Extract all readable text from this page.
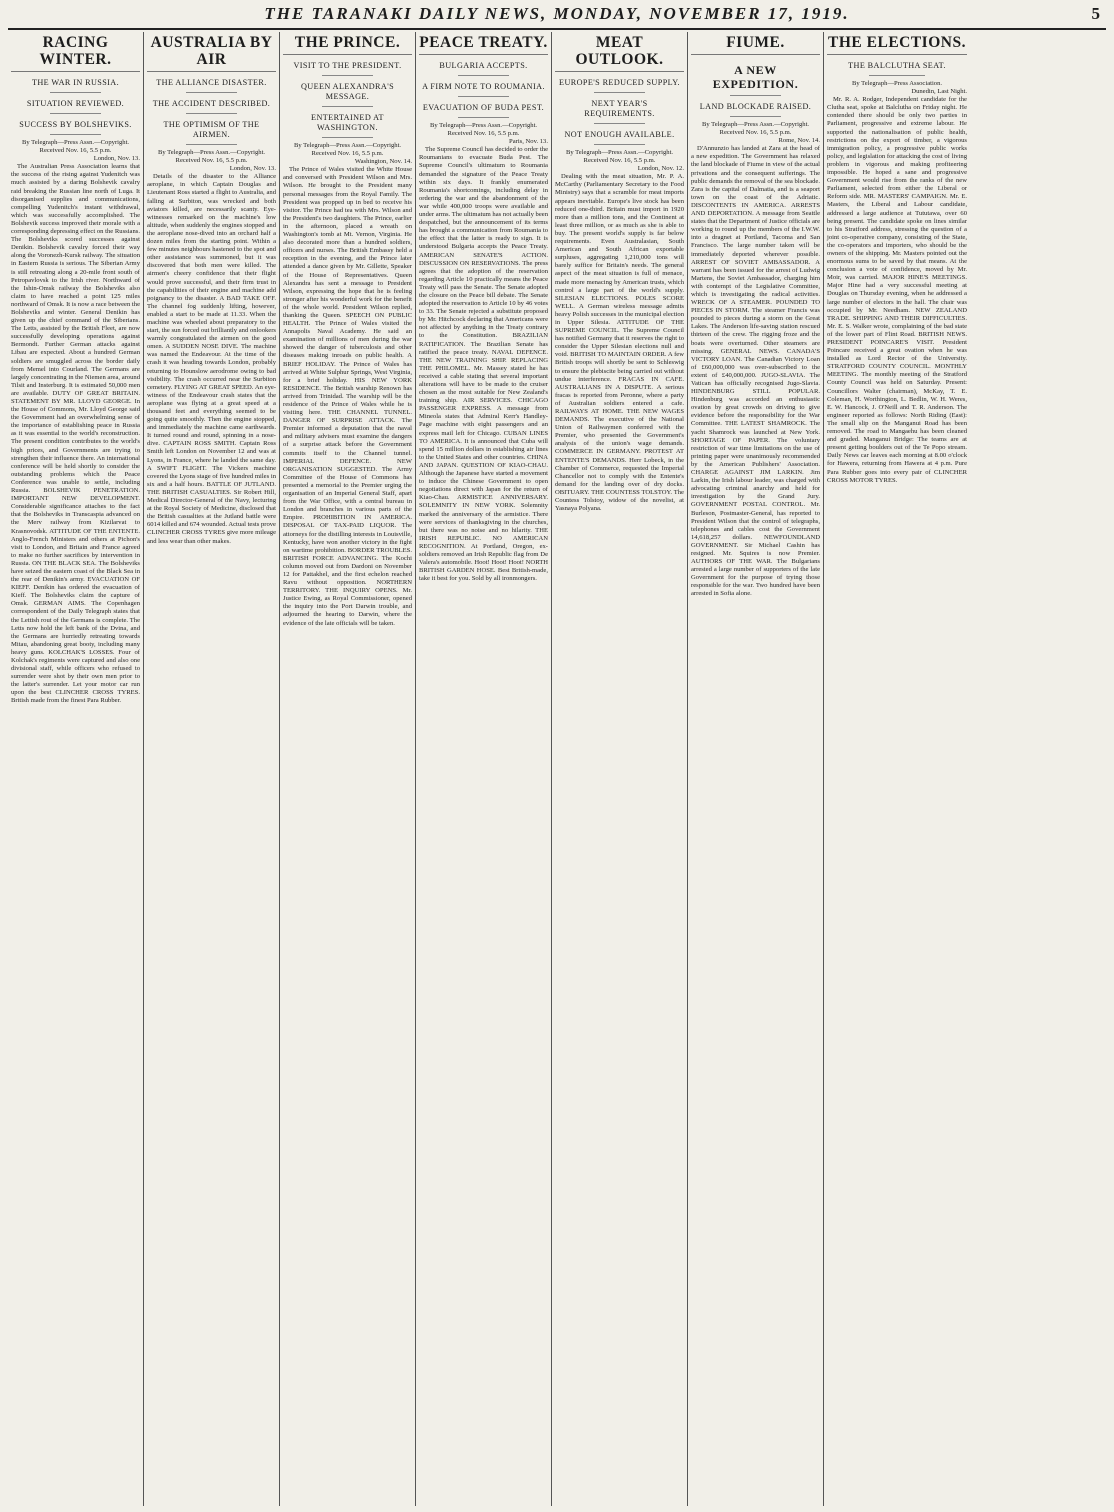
THE TARANAKI DAILY NEWS, MONDAY, NOVEMBER 17, 1919.	5
RACING WINTER.
THE WAR IN RUSSIA.
SITUATION REVIEWED.
SUCCESS BY BOLSHEVIKS.
By Telegraph—Press Assn.—Copyright.
Received Nov. 16, 5.5 p.m.
London, Nov. 13.

The Australian Press Association learns that the success of the rising against Yudenitch was much assisted by a daring Bolshevik cavalry raid breaking the Russian line north of Luga. It disorganised supplies and communications, compelling Yudenitch's instant withdrawal, which was successfully accomplished. The Bolshevik success improved their morale with a corresponding depressing effect on the Russians. The Bolsheviks scored successes against Denikin. Bolshevik cavalry forced their way along the Voronezh-Kursk railway. The situation in Eastern Russia is serious. The Siberian Army is still retreating along a 20-mile front south of Petropavlovsk to the Irish river. Northward of the Ishin-Omsk railway the Bolsheviks also claim to have reached a point 125 miles northward of Omsk. It is now a race between the Bolsheviks and winter. General Denikin has given up the chief command of the Siberians. The Letts, assisted by the British Fleet, are now successfully developing operations against Bermondt. Further German attacks against Libau are expected. About a hundred German soldiers are smuggled across the border daily from Memel into Courland. The Germans are largely concentrating in the Niemen area, around Tilsit and Insterburg. It is estimated 50,000 men are available. DUTY OF GREAT BRITAIN. STATEMENT BY MR. LLOYD GEORGE. In the House of Commons, Mr. Lloyd George said the Government had an overwhelming sense of the importance of establishing peace in Russia as it was essential to the world's reconstruction. The present condition contributes to the world's high prices, and Governments are trying to strengthen their influence there. An international conference will be held shortly to consider the outstanding problems which the Peace Conference was unable to settle, including Russia. BOLSHEVIK PENETRATION. IMPORTANT NEW DEVELOPMENT. Considerable significance attaches to the fact that the Bolsheviks in Transcaspia advanced on the Merv railway from Kizilarvat to Krasnovodsk. ATTITUDE OF THE ENTENTE. Anglo-French Ministers and others at Pichon's visit to London, and Britain and France agreed to make no further sacrifices by intervention in Russia. ON THE BLACK SEA. The Bolsheviks have seized the eastern coast of the Black Sea in the rear of Denikin's army. EVACUATION OF KIEFF. Denikin has ordered the evacuation of Kieff. The Bolsheviks claim the capture of Omsk. GERMAN AIMS. The Copenhagen correspondent of the Daily Telegraph states that the Lettish rout of the Germans is complete. The Letts now hold the left bank of the Dvina, and the Germans are hurriedly retreating towards Mitau, abandoning great booty, including many heavy guns. KOLCHAK'S LOSSES. Four of Kolchak's regiments were captured and also one divisional staff, while officers who refused to surrender were shot by their own men prior to the latter's surrender. Let your motor car run upon the best CLINCHER CROSS TYRES. British made from the finest Para Rubber.

AUSTRALIA BY AIR
THE ALLIANCE DISASTER.
THE ACCIDENT DESCRIBED.
THE OPTIMISM OF THE AIRMEN.
By Telegraph—Press Assn.—Copyright.
Received Nov. 16, 5.5 p.m.
London, Nov. 13.

Details of the disaster to the Alliance aeroplane, in which Captain Douglas and Lieutenant Ross started a flight to Australia, and falling at Surbiton, was wrecked and both aviators killed, are necessarily scanty. Eye-witnesses remarked on the machine's low altitude, when suddenly the engines stopped and the aeroplane nose-dived into an orchard half a dozen miles from the starting point. Within a few minutes neighbours hastened to the spot and other assistance was summoned, but it was discovered that both men were killed. The airmen's cheery confidence that their flight would prove successful, and their firm trust in the capabilities of their engine and machine add poignancy to the disaster. A BAD TAKE OFF. The channel fog suddenly lifting, however, enabled a start to be made at 11.33. When the machine was wheeled about preparatory to the start, the sun forced out brilliantly and onlookers warmly congratulated the airmen on the good omen. A SUDDEN NOSE DIVE. The machine was named the Endeavour. At the time of the crash it was heading towards London, probably returning to Hounslow aerodrome owing to bad visibility. The crash occurred near the Surbiton cemetery. FLYING AT GREAT SPEED. An eye-witness of the Endeavour crash states that the aeroplane was flying at a great speed at a thousand feet and everything seemed to be going quite smoothly. Then the engine stopped, and immediately the machine came earthwards. It turned round and round, spinning in a nose-dive. CAPTAIN ROSS SMITH. Captain Ross Smith left London on November 12 and was at Lyons, in France, where he landed the same day. A SWIFT FLIGHT. The Vickers machine covered the Lyons stage of five hundred miles in six and a half hours. BATTLE OF JUTLAND. THE BRITISH CASUALTIES. Sir Robert Hill, Medical Director-General of the Navy, lecturing at the Royal Society of Medicine, disclosed that the British casualties at the Jutland battle were 6014 killed and 674 wounded. Actual tests prove CLINCHER CROSS TYRES give more mileage and less wear than other makes.

THE PRINCE.
VISIT TO THE PRESIDENT.
QUEEN ALEXANDRA'S MESSAGE.
ENTERTAINED AT WASHINGTON.
By Telegraph—Press Assn.—Copyright.
Received Nov. 16, 5.5 p.m.
Washington, Nov. 14.

The Prince of Wales visited the White House and conversed with President Wilson and Mrs. Wilson. He brought to the President many personal messages from the Royal Family. The President was propped up in bed to receive his visitor. The Prince had tea with Mrs. Wilson and the President's two daughters. The Prince, earlier in the afternoon, placed a wreath on Washington's tomb at Mt. Vernon, Virginia. He also decorated more than a hundred soldiers, officers and nurses. The British Embassy held a reception in the evening, and the Prince later attended a dance given by Mr. Gillette, Speaker of the House of Representatives. Queen Alexandra has sent a message to President Wilson, expressing the hope that he is feeling stronger after his wonderful work for the benefit of the whole world. President Wilson replied, thanking the Queen. SPEECH ON PUBLIC HEALTH. The Prince of Wales visited the Annapolis Naval Academy. He said an examination of millions of men during the war showed the danger of tuberculosis and other diseases making inroads on public health. A BRIEF HOLIDAY. The Prince of Wales has arrived at White Sulphur Springs, West Virginia, for a brief holiday. HIS NEW YORK RESIDENCE. The British warship Renown has arrived from Trinidad. The warship will be the residence of the Prince of Wales while he is visiting here. THE CHANNEL TUNNEL. DANGER OF SURPRISE ATTACK. The Premier informed a deputation that the naval and military advisers must examine the dangers of a surprise attack before the Government commits itself to the Channel tunnel. IMPERIAL DEFENCE. NEW ORGANISATION SUGGESTED. The Army Committee of the House of Commons has presented a memorial to the Premier urging the organisation of an Imperial General Staff, apart from the War Office, with a central bureau in London and branches in various parts of the Empire. PROHIBITION IN AMERICA. DISPOSAL OF TAX-PAID LIQUOR. The attorneys for the distilling interests in Louisville, Kentucky, have won another victory in the fight on wartime prohibition. BORDER TROUBLES. BRITISH FORCE ADVANCING. The Kochi column moved out from Dardoni on November 12 for Pattakhel, and the first echelon reached Ravu without opposition. NORTHERN TERRITORY. THE INQUIRY OPENS. Mr. Justice Ewing, as Royal Commissioner, opened the inquiry into the Port Darwin trouble, and adjourned the hearing to Darwin, where the evidence of the late officials will be taken.

PEACE TREATY.
BULGARIA ACCEPTS.
A FIRM NOTE TO ROUMANIA.
EVACUATION OF BUDA PEST.
By Telegraph—Press Assn.—Copyright.
Received Nov. 16, 5.5 p.m.
Paris, Nov. 13.

The Supreme Council has decided to order the Roumanians to evacuate Buda Pest. The Supreme Council's ultimatum to Roumania demanded the signature of the Peace Treaty within six days. It frankly enumerated Roumania's shortcomings, including delay in ordering the war and the abandonment of the war while 400,000 troops were available and under arms. The ultimatum has not actually been despatched, but the announcement of its terms has brought a communication from Roumania to the effect that the latter is ready to sign. It is understood Bulgaria accepts the Peace Treaty. AMERICAN SENATE'S ACTION. DISCUSSION ON RESERVATIONS. The press agrees that the adoption of the reservation regarding Article 10 practically means the Peace Treaty will pass the Senate. The Senate adopted the closure on the Peace bill debate. The Senate adopted the reservation to Article 10 by 46 votes to 33. The Senate rejected a substitute proposed by Mr. Hitchcock declaring that Americans were not affected by anything in the Treaty contrary to the Constitution. BRAZILIAN RATIFICATION. The Brazilian Senate has ratified the peace treaty. NAVAL DEFENCE. THE NEW TRAINING SHIP. REPLACING THE PHILOMEL. Mr. Massey stated he has received a cable stating that several important alterations will have to be made to the cruiser chosen as the most suitable for New Zealand's training ship. AIR SERVICES. CHICAGO PASSENGER EXPRESS. A message from Mineola states that Admiral Kerr's Handley-Page machine with eight passengers and an express mail left for Chicago. CUBAN LINES TO AMERICA. It is announced that Cuba will spend 15 million dollars in establishing air lines to the United States and other countries. CHINA AND JAPAN. QUESTION OF KIAO-CHAU. Although the Japanese have started a movement to induce the Chinese Government to open negotiations direct with Japan for the return of Kiao-Chau. ARMISTICE ANNIVERSARY. SOLEMNITY IN NEW YORK. Solemnity marked the anniversary of the armistice. There were services of thanksgiving in the churches, but there was no noise and no hilarity. THE IRISH REPUBLIC. NO AMERICAN RECOGNITION. At Portland, Oregon, ex-soldiers removed an Irish Republic flag from De Valera's automobile. Hoot! Hoot! Hoot! NORTH BRITISH GARDEN HOSE. Best British-made, take it best for you. Sold by all ironmongers.

MEAT OUTLOOK.
EUROPE'S REDUCED SUPPLY.
NEXT YEAR'S REQUIREMENTS.
NOT ENOUGH AVAILABLE.
By Telegraph—Press Assn.—Copyright.
Received Nov. 16, 5.5 p.m.
London, Nov. 12.

Dealing with the meat situation, Mr. P. A. McCarthy (Parliamentary Secretary to the Food Ministry) says that a scramble for meat imports appears inevitable. Europe's live stock has been reduced one-third. Britain must import in 1920 more than a million tons, and the Continent at least three million, or as much as she is able to buy. The present world's supply is far below requirements. Even Australasian, South American and South African exportable surpluses, aggregating 1,210,000 tons will barely suffice for Britain's needs. The general aspect of the meat situation is full of menace, made more menacing by American trusts, which control a large part of the world's supply. SILESIAN ELECTIONS. POLES SCORE WELL. A German wireless message admits heavy Polish successes in the municipal election in Upper Silesia. ATTITUDE OF THE SUPREME COUNCIL. The Supreme Council has notified Germany that it reserves the right to consider the Upper Silesian elections null and void. BRITISH TO MAINTAIN ORDER. A few British troops will shortly be sent to Schleswig to ensure the plebiscite being carried out without undue interference. FRACAS IN CAFE. AUSTRALIANS IN A DISPUTE. A serious fracas is reported from Peronne, where a party of Australian soldiers entered a cafe. RAILWAYS AT HOME. THE NEW WAGES DEMANDS. The executive of the National Union of Railwaymen conferred with the Premier, who presented the Government's analysis of the union's wage demands. COMMERCE IN GERMANY. PROTEST AT ENTENTE'S DEMANDS. Herr Lobeck, in the Chamber of Commerce, requested the Imperial Chancellor not to comply with the Entente's demand for the landing over of dry docks. OBITUARY. THE COUNTESS TOLSTOY. The Countess Tolstoy, widow of the novelist, at Yasnaya Polyana.

FIUME.
A NEW EXPEDITION.
LAND BLOCKADE RAISED.
By Telegraph—Press Assn.—Copyright.
Received Nov. 16, 5.5 p.m.
Rome, Nov. 14.

D'Annunzio has landed at Zara at the head of a new expedition. The Government has relaxed the land blockade of Fiume in view of the actual privations and the consequent sufferings. The public demands the removal of the sea blockade. Zara is the capital of Dalmatia, and is a seaport town on the coast of the Adriatic. DISCONTENTS IN AMERICA. ARRESTS AND DEPORTATION. A message from Seattle states that the Department of Justice officials are working to round up the members of the I.W.W. into a dragnet at Portland, Tacoma and San Francisco. The large number taken will be immediately deported wherever possible. ARREST OF SOVIET AMBASSADOR. A warrant has been issued for the arrest of Ludwig Martens, the Soviet Ambassador, charging him with contempt of the Legislative Committee, which is investigating the radical activities. WRECK OF A STEAMER. POUNDED TO PIECES IN STORM. The steamer Francis was pounded to pieces during a storm on the Great Lakes. The Anderson life-saving station rescued thirteen of the crew. The rigging froze and the boats were overturned. Other steamers are missing. GENERAL NEWS. CANADA'S VICTORY LOAN. The Canadian Victory Loan of £60,000,000 was over-subscribed to the extent of £40,000,000. JUGO-SLAVIA. The Vatican has officially recognised Jugo-Slavia. HINDENBURG STILL POPULAR. Hindenburg was accorded an enthusiastic ovation by great crowds on driving to give evidence before the responsibility for the War Committee. THE LATEST SHAMROCK. The yacht Shamrock was launched at New York. SHORTAGE OF PAPER. The voluntary restriction of war time limitations on the use of printing paper were unanimously recommended by the American Publishers' Association. CHARGE AGAINST JIM LARKIN. Jim Larkin, the Irish labour leader, was charged with advocating criminal anarchy and held for investigation by the Grand Jury. GOVERNMENT POSTAL CONTROL. Mr. Burleson, Postmaster-General, has reported to President Wilson that the control of telegraphs, telephones and cables cost the Government 14,618,257 dollars. NEWFOUNDLAND GOVERNMENT. Sir Michael Cashin has resigned. Mr. Squires is now Premier. AUTHORS OF THE WAR. The Bulgarians arrested a large number of supporters of the late Government for the purpose of trying those responsible for the war. Two hundred have been arrested in Sofia alone.

THE ELECTIONS.
THE BALCLUTHA SEAT.
By Telegraph—Press Association.
Dunedin, Last Night.

Mr. R. A. Rodger, Independent candidate for the Clutha seat, spoke at Balclutha on Friday night. He contended there should be only two parties in Parliament, progressive and extreme labour. He supported the nationalisation of public health, restrictions on the export of timber, a vigorous immigration policy, a progressive public works policy, and legislation for attacking the cost of living problem in vigorous and making profiteering impossible. He hoped a sane and progressive Government would rise from the ranks of the new Parliament, selected from either the Liberal or Reform side. MR. MASTERS' CAMPAIGN. Mr. E. Masters, the Liberal and Labour candidate, addressed a large audience at Tututawa, over 60 being present. The candidate spoke on lines similar to his Stratford address, stressing the question of a joint co-operative company, consisting of the State, the co-operators and importers, who should be the owners of the shipping. Mr. Masters pointed out the enormous sums to be saved by that means. At the conclusion a vote of confidence, moved by Mr. Moir, was carried. MAJOR HINE'S MEETINGS. Major Hine had a very successful meeting at Douglas on Thursday evening, when he addressed a large number of electors in the hall. The chair was occupied by Mr. Needham. NEW ZEALAND TRADE. SHIPPING AND THEIR DIFFICULTIES. Mr. E. S. Walker wrote, complaining of the bad state of the lower part of Flint Road. BRITISH NEWS. PRESIDENT POINCARE'S VISIT. President Poincare received a great ovation when he was installed as Lord Rector of the University. STRATFORD COUNTY COUNCIL. MONTHLY MEETING. The monthly meeting of the Stratford County Council was held on Saturday. Present: Councillors Walter (chairman), McKay, T. E. Coleman, H. Worthington, L. Bedlin, W. H. Weres, E. W. Hancock, J. O'Neill and T. R. Anderson. The engineer reported as follows: North Riding (East): The small slip on the Manganui Road has been removed. The road to Mangaehu has been cleaned and graded. Manganui Bridge: The teams are at present getting boulders out of the Te Popo stream. Daily News car leaves each morning at 8.00 o'clock for Hawera, returning from Hawera at 4 p.m. Pure Para Rubber goes into every pair of CLINCHER CROSS MOTOR TYRES.
